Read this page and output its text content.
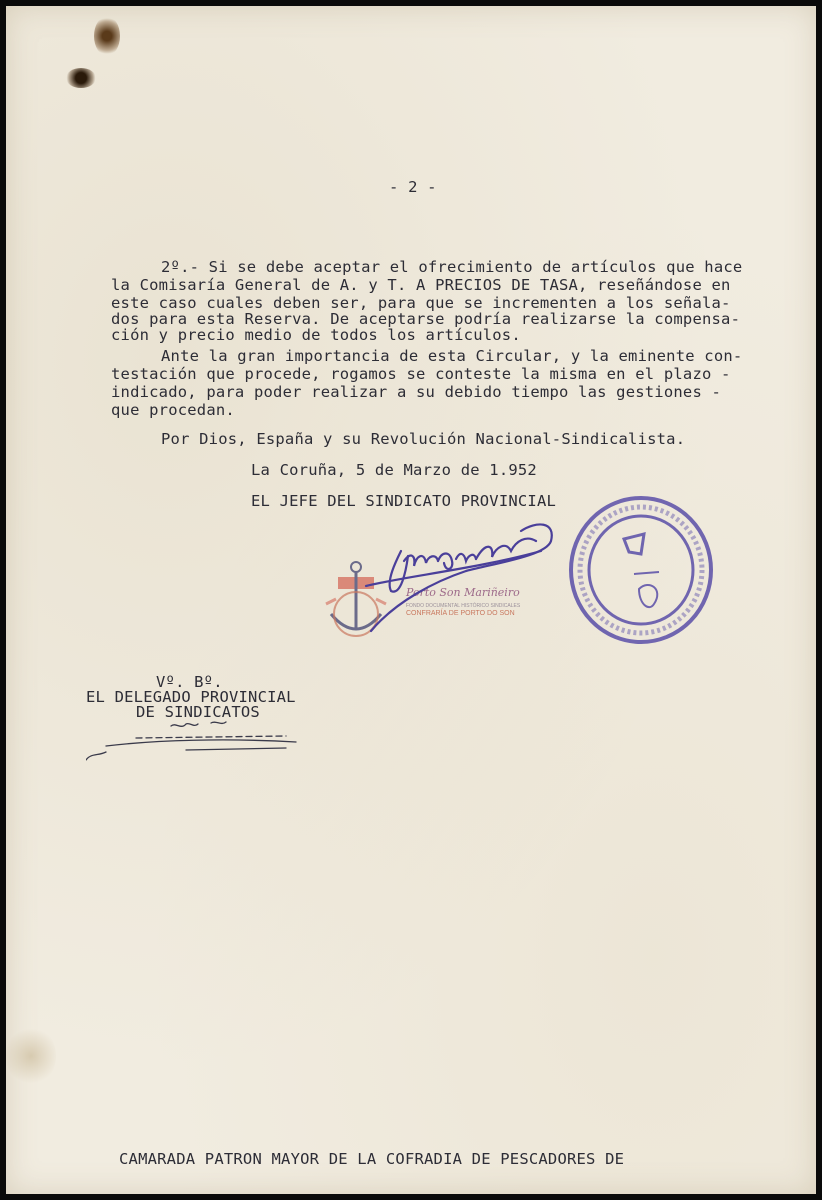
- 2 -
2º.- Si se debe aceptar el ofrecimiento de artículos que hace
la Comisaría General de A. y T. A PRECIOS DE TASA, reseñándose en
este caso cuales deben ser, para que se incrementen a los señala-
dos para esta Reserva. De aceptarse podría realizarse la compensa-
ción y precio medio de todos los artículos.
Ante la gran importancia de esta Circular, y la eminente con-
testación que procede, rogamos se conteste la misma en el plazo -
indicado, para poder realizar a su debido tiempo las gestiones -
que procedan.
Por Dios, España y su Revolución Nacional-Sindicalista.
La Coruña, 5 de Marzo de 1.952
EL JEFE DEL SINDICATO PROVINCIAL
Porto Son Mariñeiro
FONDO DOCUMENTAL HISTÓRICO SINDICALES
CONFRARÍA DE PORTO DO SON
Vº. Bº.
EL DELEGADO PROVINCIAL
DE SINDICATOS
CAMARADA PATRON MAYOR DE LA COFRADIA DE PESCADORES DE
